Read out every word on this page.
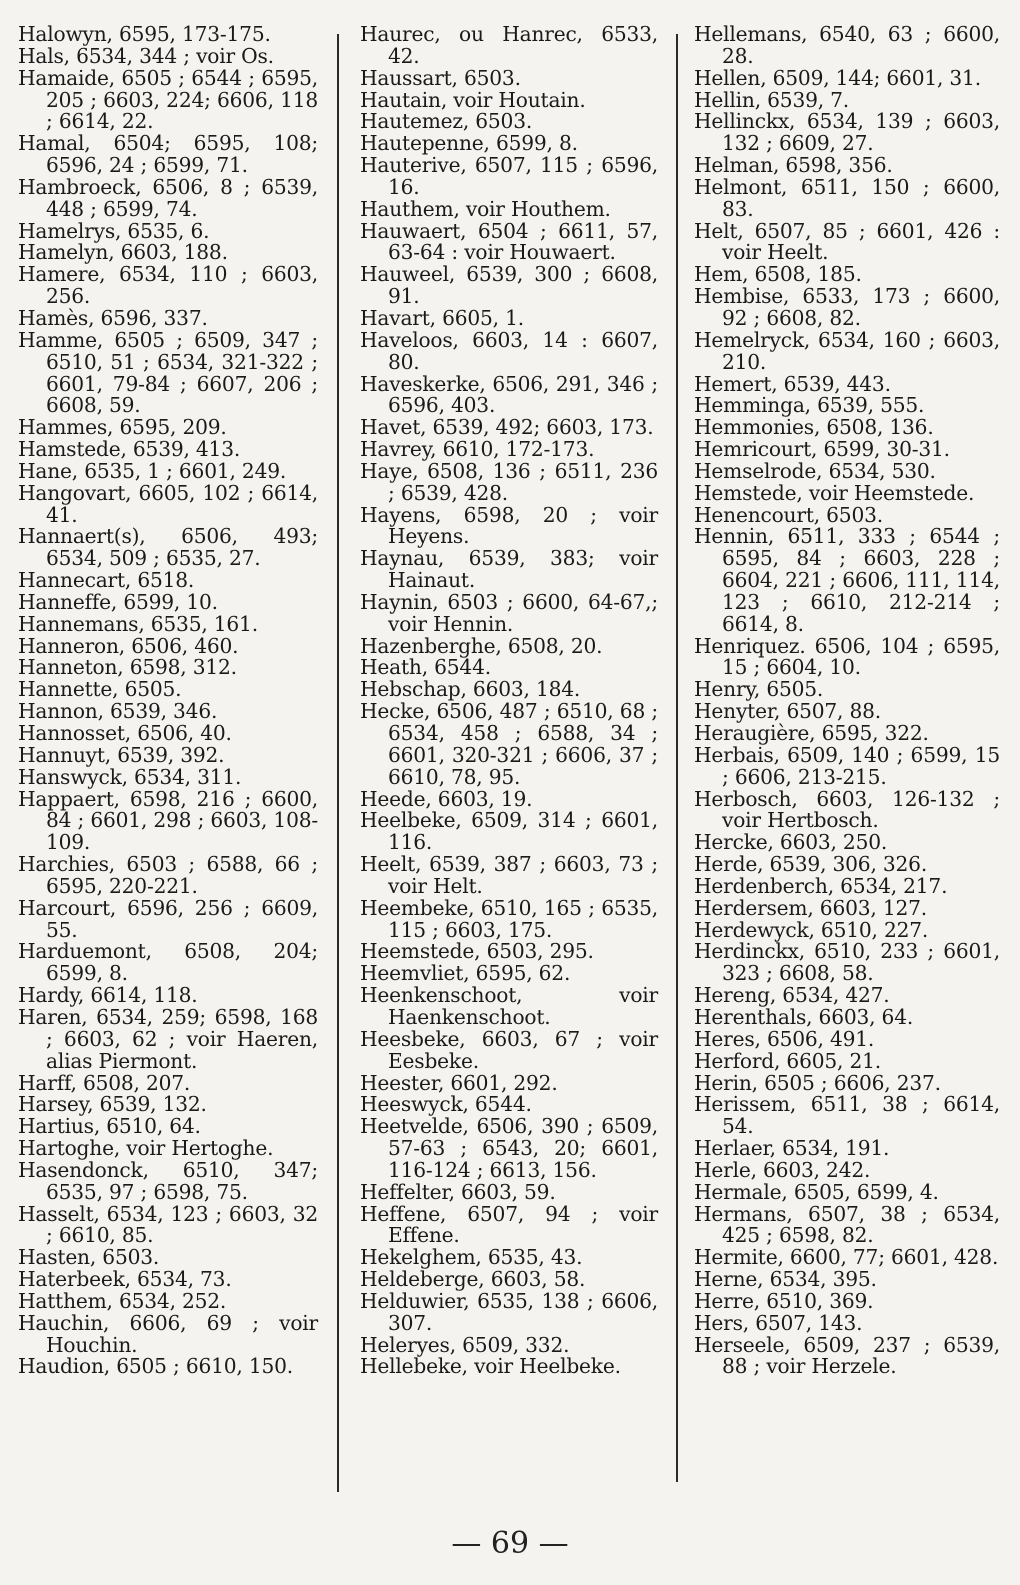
Halowyn, 6595, 173-175.
Hals, 6534, 344 ; voir Os.
Hamaide, 6505 ; 6544 ; 6595, 205 ; 6603, 224; 6606, 118 ; 6614, 22.
Hamal, 6504; 6595, 108; 6596, 24 ; 6599, 71.
Hambroeck, 6506, 8 ; 6539, 448 ; 6599, 74.
Hamelrys, 6535, 6.
Hamelyn, 6603, 188.
Hamere, 6534, 110 ; 6603, 256.
Hamès, 6596, 337.
Hamme, 6505 ; 6509, 347 ; 6510, 51 ; 6534, 321-322 ; 6601, 79-84 ; 6607, 206 ; 6608, 59.
Hammes, 6595, 209.
Hamstede, 6539, 413.
Hane, 6535, 1 ; 6601, 249.
Hangovart, 6605, 102 ; 6614, 41.
Hannaert(s), 6506, 493; 6534, 509 ; 6535, 27.
Hannecart, 6518.
Hanneffe, 6599, 10.
Hannemans, 6535, 161.
Hanneron, 6506, 460.
Hanneton, 6598, 312.
Hannette, 6505.
Hannon, 6539, 346.
Hannosset, 6506, 40.
Hannuyt, 6539, 392.
Hanswyck, 6534, 311.
Happaert, 6598, 216 ; 6600, 84 ; 6601, 298 ; 6603, 108-109.
Harchies, 6503 ; 6588, 66 ; 6595, 220-221.
Harcourt, 6596, 256 ; 6609, 55.
Harduemont, 6508, 204; 6599, 8.
Hardy, 6614, 118.
Haren, 6534, 259; 6598, 168 ; 6603, 62 ; voir Haeren, alias Piermont.
Harff, 6508, 207.
Harsey, 6539, 132.
Hartius, 6510, 64.
Hartoghe, voir Hertoghe.
Hasendonck, 6510, 347; 6535, 97 ; 6598, 75.
Hasselt, 6534, 123 ; 6603, 32 ; 6610, 85.
Hasten, 6503.
Haterbeek, 6534, 73.
Hatthem, 6534, 252.
Hauchin, 6606, 69 ; voir Houchin.
Haudion, 6505 ; 6610, 150.
Haurec, ou Hanrec, 6533, 42.
Haussart, 6503.
Hautain, voir Houtain.
Hautemez, 6503.
Hautepenne, 6599, 8.
Hauterive, 6507, 115 ; 6596, 16.
Hauthem, voir Houthem.
Hauwaert, 6504 ; 6611, 57, 63-64 : voir Houwaert.
Hauweel, 6539, 300 ; 6608, 91.
Havart, 6605, 1.
Haveloos, 6603, 14 : 6607, 80.
Haveskerke, 6506, 291, 346 ; 6596, 403.
Havet, 6539, 492; 6603, 173.
Havrey, 6610, 172-173.
Haye, 6508, 136 ; 6511, 236 ; 6539, 428.
Hayens, 6598, 20 ; voir Heyens.
Haynau, 6539, 383; voir Hainaut.
Haynin, 6503 ; 6600, 64-67,; voir Hennin.
Hazenberghe, 6508, 20.
Heath, 6544.
Hebschap, 6603, 184.
Hecke, 6506, 487 ; 6510, 68 ; 6534, 458 ; 6588, 34 ; 6601, 320-321 ; 6606, 37 ; 6610, 78, 95.
Heede, 6603, 19.
Heelbeke, 6509, 314 ; 6601, 116.
Heelt, 6539, 387 ; 6603, 73 ; voir Helt.
Heembeke, 6510, 165 ; 6535, 115 ; 6603, 175.
Heemstede, 6503, 295.
Heemvliet, 6595, 62.
Heenkenschoot, voir Haenkenschoot.
Heesbeke, 6603, 67 ; voir Eesbeke.
Heester, 6601, 292.
Heeswyck, 6544.
Heetvelde, 6506, 390 ; 6509, 57-63 ; 6543, 20; 6601, 116-124 ; 6613, 156.
Heffelter, 6603, 59.
Heffene, 6507, 94 ; voir Effene.
Hekelghem, 6535, 43.
Heldeberge, 6603, 58.
Helduwier, 6535, 138 ; 6606, 307.
Heleryes, 6509, 332.
Hellebeke, voir Heelbeke.
Hellemans, 6540, 63 ; 6600, 28.
Hellen, 6509, 144; 6601, 31.
Hellin, 6539, 7.
Hellinckx, 6534, 139 ; 6603, 132 ; 6609, 27.
Helman, 6598, 356.
Helmont, 6511, 150 ; 6600, 83.
Helt, 6507, 85 ; 6601, 426 : voir Heelt.
Hem, 6508, 185.
Hembise, 6533, 173 ; 6600, 92 ; 6608, 82.
Hemelryck, 6534, 160 ; 6603, 210.
Hemert, 6539, 443.
Hemminga, 6539, 555.
Hemmonies, 6508, 136.
Hemricourt, 6599, 30-31.
Hemselrode, 6534, 530.
Hemstede, voir Heemstede.
Henencourt, 6503.
Hennin, 6511, 333 ; 6544 ; 6595, 84 ; 6603, 228 ; 6604, 221 ; 6606, 111, 114, 123 ; 6610, 212-214 ; 6614, 8.
Henriquez. 6506, 104 ; 6595, 15 ; 6604, 10.
Henry, 6505.
Henyter, 6507, 88.
Heraugière, 6595, 322.
Herbais, 6509, 140 ; 6599, 15 ; 6606, 213-215.
Herbosch, 6603, 126-132 ; voir Hertbosch.
Hercke, 6603, 250.
Herde, 6539, 306, 326.
Herdenberch, 6534, 217.
Herdersem, 6603, 127.
Herdewyck, 6510, 227.
Herdinckx, 6510, 233 ; 6601, 323 ; 6608, 58.
Hereng, 6534, 427.
Herenthals, 6603, 64.
Heres, 6506, 491.
Herford, 6605, 21.
Herin, 6505 ; 6606, 237.
Herissem, 6511, 38 ; 6614, 54.
Herlaer, 6534, 191.
Herle, 6603, 242.
Hermale, 6505, 6599, 4.
Hermans, 6507, 38 ; 6534, 425 ; 6598, 82.
Hermite, 6600, 77; 6601, 428.
Herne, 6534, 395.
Herre, 6510, 369.
Hers, 6507, 143.
Herseele, 6509, 237 ; 6539, 88 ; voir Herzele.
— 69 —
